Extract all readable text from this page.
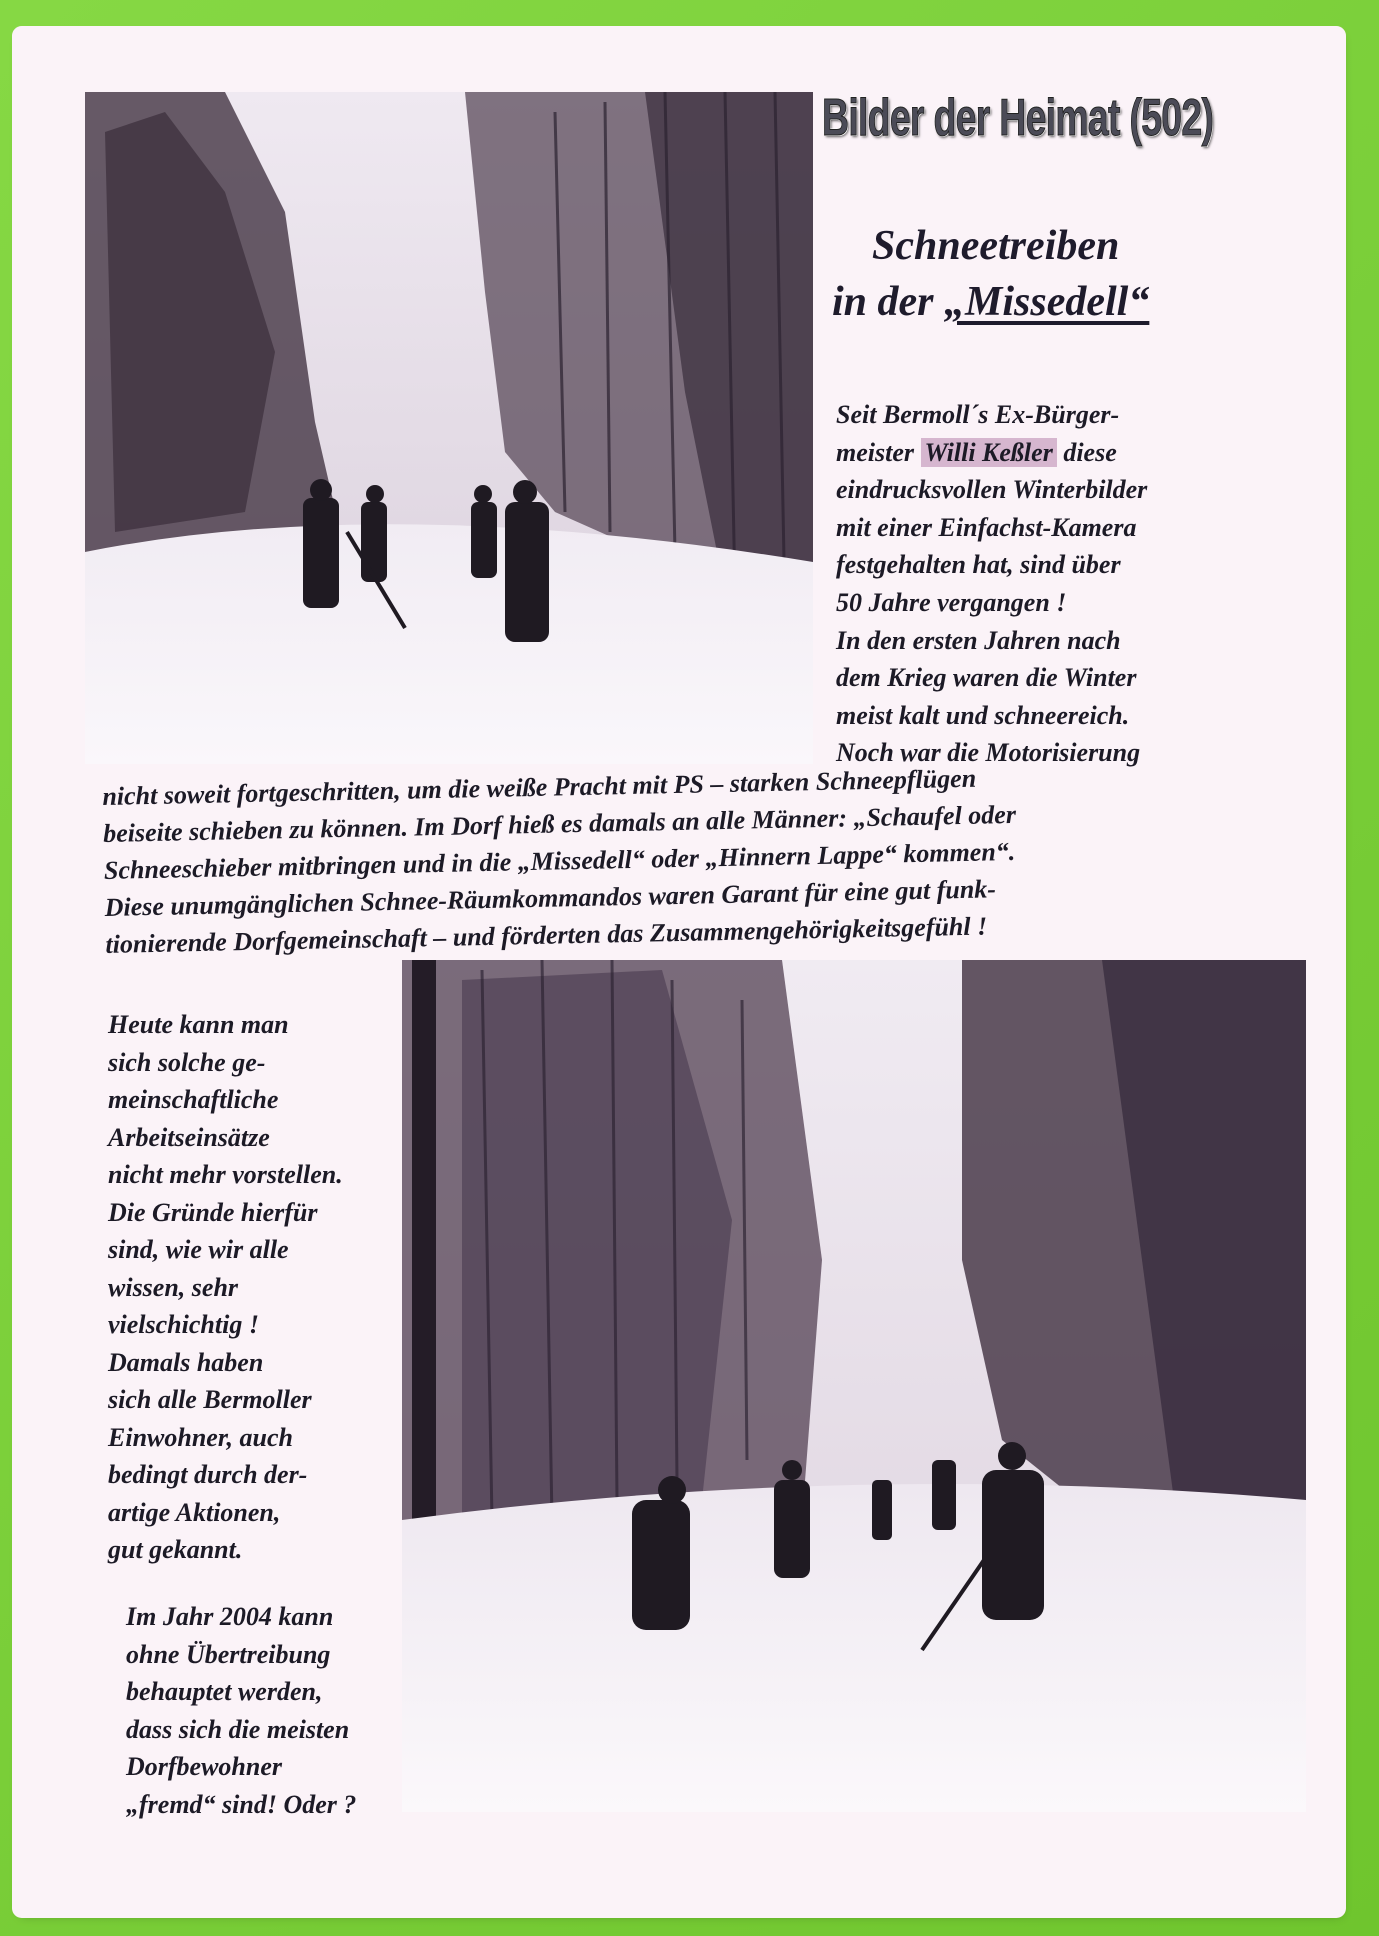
Bilder der Heimat (502)
Schneetreiben
in der „Missedell“
Seit Bermoll´s Ex-Bürger-
meister Willi Keßler diese
eindrucksvollen Winterbilder
mit einer Einfachst-Kamera
festgehalten hat, sind über
50 Jahre vergangen !
In den ersten Jahren nach
dem Krieg waren die Winter
meist kalt und schneereich.
Noch war die Motorisierung
nicht soweit fortgeschritten, um die weiße Pracht mit PS – starken Schneepflügen
beiseite schieben zu können. Im Dorf hieß es damals an alle Männer: „Schaufel oder
Schneeschieber mitbringen und in die „Missedell“ oder „Hinnern Lappe“ kommen“.
Diese unumgänglichen Schnee-Räumkommandos waren Garant für eine gut funk-
tionierende Dorfgemeinschaft – und förderten das Zusammengehörigkeitsgefühl !
Heute kann man
sich solche ge-
meinschaftliche
Arbeitseinsätze
nicht mehr vorstellen.
Die Gründe hierfür
sind, wie wir alle
wissen, sehr
vielschichtig !
Damals haben
sich alle Bermoller
Einwohner, auch
bedingt durch der-
artige Aktionen,
gut gekannt.
Im Jahr 2004 kann
ohne Übertreibung
behauptet werden,
dass sich die meisten
Dorfbewohner
„fremd“ sind! Oder ?
